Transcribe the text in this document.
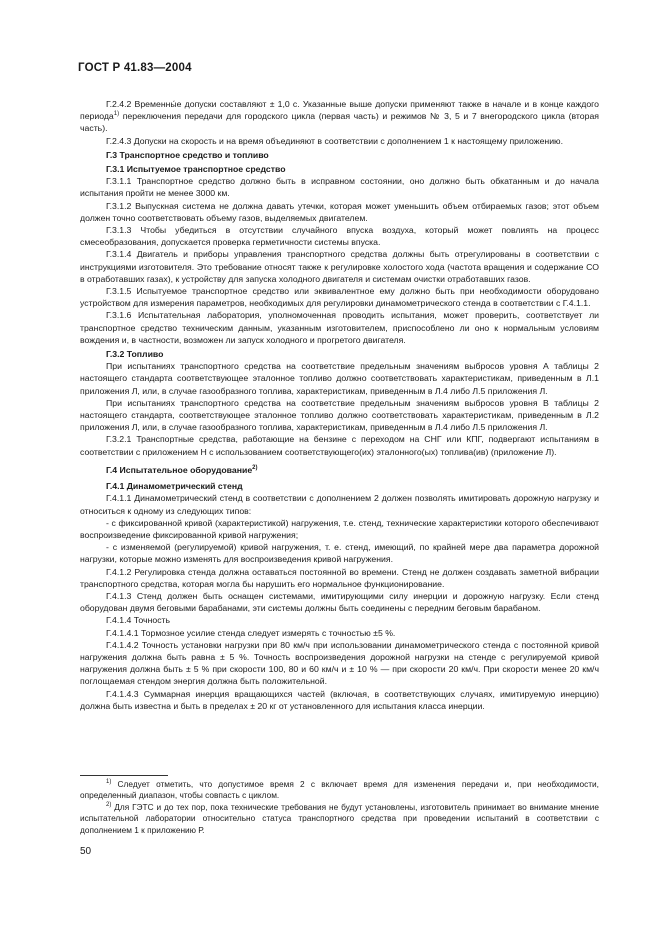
ГОСТ Р 41.83—2004

Г.2.4.2 Временны́е допуски составляют ± 1,0 с. Указанные выше допуски применяют также в начале и в конце каждого периода$^{1)}$ переключения передачи для городского цикла (первая часть) и режимов № 3, 5 и 7 внегородского цикла (вторая часть).

Г.2.4.3 Допуски на скорость и на время объединяют в соответствии с дополнением 1 к настоящему приложению.

Г.3 Транспортное средство и топливо

Г.3.1 Испытуемое транспортное средство

Г.3.1.1 Транспортное средство должно быть в исправном состоянии, оно должно быть обкатанным и до начала испытания пройти не менее 3000 км.

Г.3.1.2 Выпускная система не должна давать утечки, которая может уменьшить объем отбираемых газов; этот объем должен точно соответствовать объему газов, выделяемых двигателем.

Г.3.1.3 Чтобы убедиться в отсутствии случайного впуска воздуха, который может повлиять на процесс смесеобразования, допускается проверка герметичности системы впуска.

Г.3.1.4 Двигатель и приборы управления транспортного средства должны быть отрегулированы в соответствии с инструкциями изготовителя. Это требование относят также к регулировке холостого хода (частота вращения и содержание СО в отработавших газах), к устройству для запуска холодного двигателя и системам очистки отработавших газов.

Г.3.1.5 Испытуемое транспортное средство или эквивалентное ему должно быть при необходимости оборудовано устройством для измерения параметров, необходимых для регулировки динамометрического стенда в соответствии с Г.4.1.1.

Г.3.1.6 Испытательная лаборатория, уполномоченная проводить испытания, может проверить, соответствует ли транспортное средство техническим данным, указанным изготовителем, приспособлено ли оно к нормальным условиям вождения и, в частности, возможен ли запуск холодного и прогретого двигателя.

Г.3.2 Топливо

При испытаниях транспортного средства на соответствие предельным значениям выбросов уровня А таблицы 2 настоящего стандарта соответствующее эталонное топливо должно соответствовать характеристикам, приведенным в Л.1 приложения Л, или, в случае газообразного топлива, характеристикам, приведенным в Л.4 либо Л.5 приложения Л.

При испытаниях транспортного средства на соответствие предельным значениям выбросов уровня В таблицы 2 настоящего стандарта, соответствующее эталонное топливо должно соответствовать характеристикам, приведенным в Л.2 приложения Л, или, в случае газообразного топлива, характеристикам, приведенным в Л.4 либо Л.5 приложения Л.

Г.3.2.1 Транспортные средства, работающие на бензине с переходом на СНГ или КПГ, подвергают испытаниям в соответствии с приложением Н с использованием соответствующего(их) эталонного(ых) топлива(ив) (приложение Л).

Г.4 Испытательное оборудование$^{2)}$

Г.4.1 Динамометрический стенд

Г.4.1.1 Динамометрический стенд в соответствии с дополнением 2 должен позволять имитировать дорожную нагрузку и относиться к одному из следующих типов:

- с фиксированной кривой (характеристикой) нагружения, т.е. стенд, технические характеристики которого обеспечивают воспроизведение фиксированной кривой нагружения;

- с изменяемой (регулируемой) кривой нагружения, т. е. стенд, имеющий, по крайней мере два параметра дорожной нагрузки, которые можно изменять для воспроизведения кривой нагружения.

Г.4.1.2 Регулировка стенда должна оставаться постоянной во времени. Стенд не должен создавать заметной вибрации транспортного средства, которая могла бы нарушить его нормальное функционирование.

Г.4.1.3 Стенд должен быть оснащен системами, имитирующими силу инерции и дорожную нагрузку. Если стенд оборудован двумя беговыми барабанами, эти системы должны быть соединены с передним беговым барабаном.

Г.4.1.4 Точность

Г.4.1.4.1 Тормозное усилие стенда следует измерять с точностью ±5 %.

Г.4.1.4.2 Точность установки нагрузки при 80 км/ч при использовании динамометрического стенда с постоянной кривой нагружения должна быть равна ± 5 %. Точность воспроизведения дорожной нагрузки на стенде с регулируемой кривой нагружения должна быть ± 5 % при скорости 100, 80 и 60 км/ч и ± 10 % — при скорости 20 км/ч. При скорости менее 20 км/ч поглощаемая стендом энергия должна быть положительной.

Г.4.1.4.3 Суммарная инерция вращающихся частей (включая, в соответствующих случаях, имитируемую инерцию) должна быть известна и быть в пределах ± 20 кг от установленного для испытания класса инерции.

$^{1)}$ Следует отметить, что допустимое время 2 с включает время для изменения передачи и, при необходимости, определенный диапазон, чтобы совпасть с циклом.

$^{2)}$ Для ГЭТС и до тех пор, пока технические требования не будут установлены, изготовитель принимает во внимание мнение испытательной лаборатории относительно статуса транспортного средства при проведении испытаний в соответствии с дополнением 1 к приложению Р.

50
